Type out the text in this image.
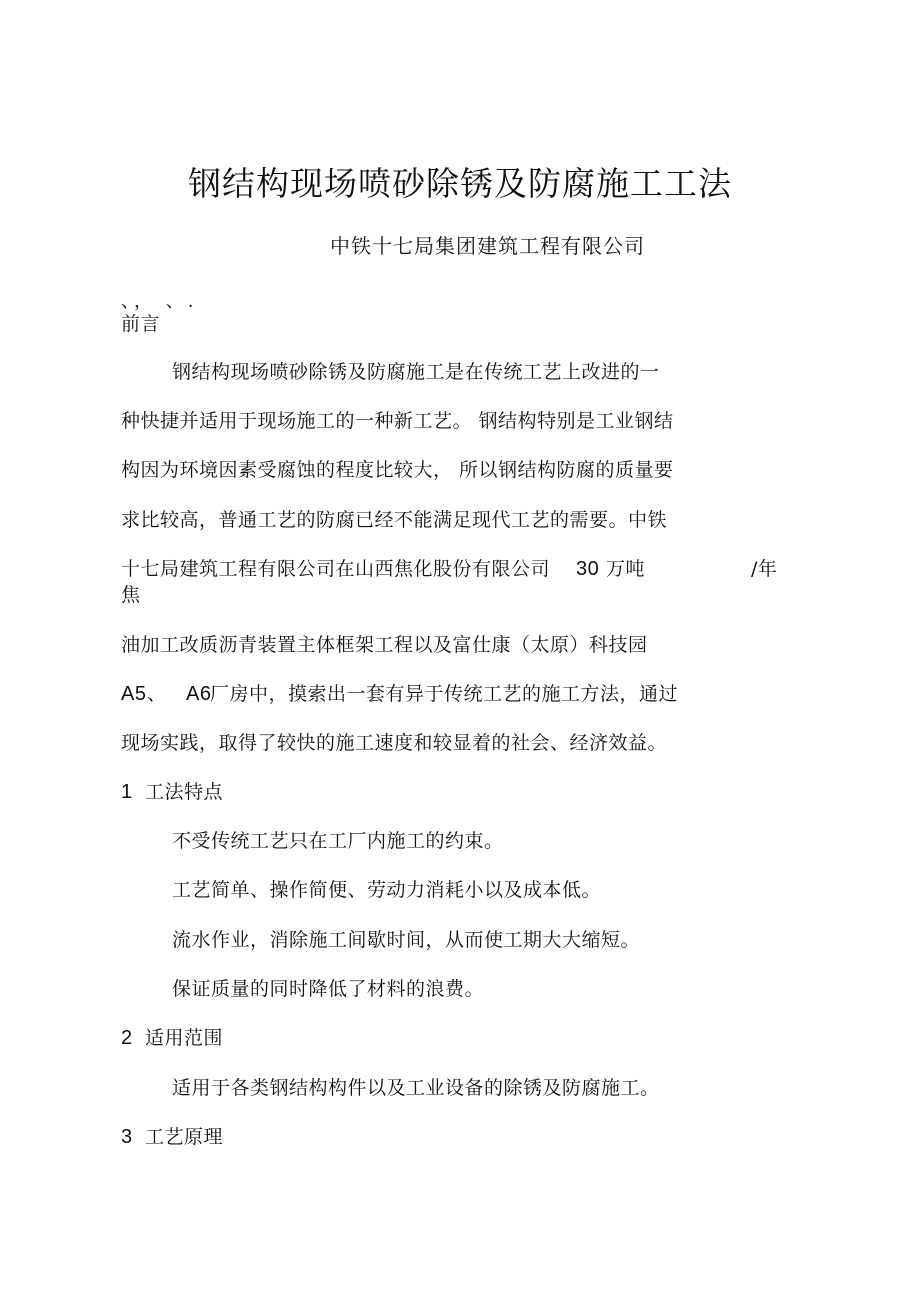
钢结构现场喷砂除锈及防腐施工工法
中铁十七局集团建筑工程有限公司
、， 、.
前言
钢结构现场喷砂除锈及防腐施工是在传统工艺上改进的一
种快捷并适用于现场施工的一种新工艺。 钢结构特别是工业钢结
构因为环境因素受腐蚀的程度比较大， 所以钢结构防腐的质量要
求比较高，普通工艺的防腐已经不能满足现代工艺的需要。中铁
十七局建筑工程有限公司在山西焦化股份有限公司 30 万吨	/年
焦
油加工改质沥青装置主体框架工程以及富仕康（太原）科技园
A5 、 A6
厂房中，摸索出一套有异于传统工艺的施工方法，通过
现场实践，取得了较快的施工速度和较显着的社会、经济效益。
1 工法特点
不受传统工艺只在工厂内施工的约束。
工艺简单、操作简便、劳动力消耗小以及成本低。
流水作业，消除施工间歇时间，从而使工期大大缩短。
保证质量的同时降低了材料的浪费。
2 适用范围
适用于各类钢结构构件以及工业设备的除锈及防腐施工。
3 工艺原理
